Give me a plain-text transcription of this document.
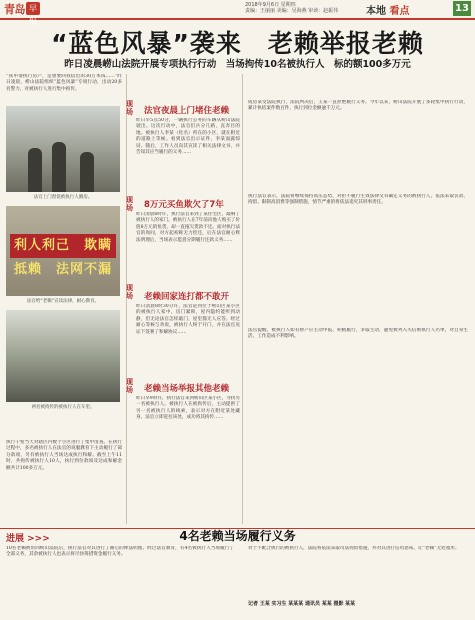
青岛 早报
2018年9月6日 星期四
责编：王丽丽 美编：吴海燕 审读：赵振伟	本地 看点	13
“蓝色风暴”袭来　老赖举报老赖
昨日凌晨崂山法院开展专项执行行动　当场拘传10名被执行人　标的额100多万元
“我申请执行房产，是想要回我借出的30万本钱……”昨日凌晨，崂山法院组织“蓝色风暴”专项行动，出动20多名警力，对被执行人进行集中拘传。
法官上门督促被执行人腾房。
利人利己　欺瞒抵赖　法网不漏
法官给“老赖”宣读法律，耐心教育。
两名被拘传的被执行人在车里。
现场	法官夜晨上门堵住老赖
昨日早5点50分，一辆执行公务的车辆从崂山法院驶出。这次行动中，法官们兵分几路，直奔目的地。被执行人李某（化名）所在的小区，就在附近的道路上等候。看到法官出示证件，李某面露惊讶。随后，工作人员向其宣读了相关法律文书，并告知其应当履行的义务……
现场	8万元买鱼欺欠了7年
昨日清晨6时许，执行法官来到了某住宅区，敲响了被执行人的家门。被执行人在7年前向他人购买了价值8万元的鱼货，却一直拖欠货款不还。面对执行法官的询问，对方起初称无力偿还，后在法官耐心释法明理后，当场表示愿意分期履行还款义务……
现场	老赖回家连打都不敢开
昨日清晨8时30分许，法官赶到位于崂山区某小区的被执行人家中，房门紧锁，屋内隐约能听到动静，但无论法官怎样敲门，屋里都无人应答。经过耐心等候与劝说，被执行人终于开门，并在法官见证下签署了和解协议……
现场	老赖当场举报其他老赖
昨日早9时许，执行法官来到崂山区某小区，寻找另一名被执行人。被执行人在被拘传后，主动提供了另一名被执行人的线索，表示对方在附近某处藏身。法官立即赶往该处，成功将其拘传……
成房某受法院执行，法院判决后，王某一直拒绝履行义务。今年以来，崂山法院开展了多轮集中执行行动，累计执结案件数百件，执行到位金额逾千万元。
执行法官表示，法院将继续保持高压态势，对拒不履行生效法律文书确定义务的被执行人，依法采取罚款、拘留、限制高消费等强制措施，情节严重的将依法追究其刑事责任。
法官提醒，被执行人如有财产应主动申报、积极履行，争取主动，避免被列入失信被执行人名单，对自身生活、工作造成不利影响。
执行干警当天对辖区内数个小区进行了集中清查。在执行过程中，多名被执行人在法官的说服教育下主动履行了部分款项，另有被执行人当场达成执行和解。截至上午11时，共拘传被执行人10人，执行到位款项及达成和解金额共计100多万元。
进展 >>>	4名老赖当场履行义务
10名老赖被带回崂山法院后，执行法官对其进行了耐心的释法明理。经过法官教育，有4名被执行人当场履行了全部义务，其余被执行人也表示将尽快筹措资金履行义务。
对于不配合执行的被执行人，法院将依法采取司法拘留措施，并对其进行信用惩戒，让“老赖”无处遁形。
记者 王某 实习生 某某某 通讯员 某某 摄影 某某
